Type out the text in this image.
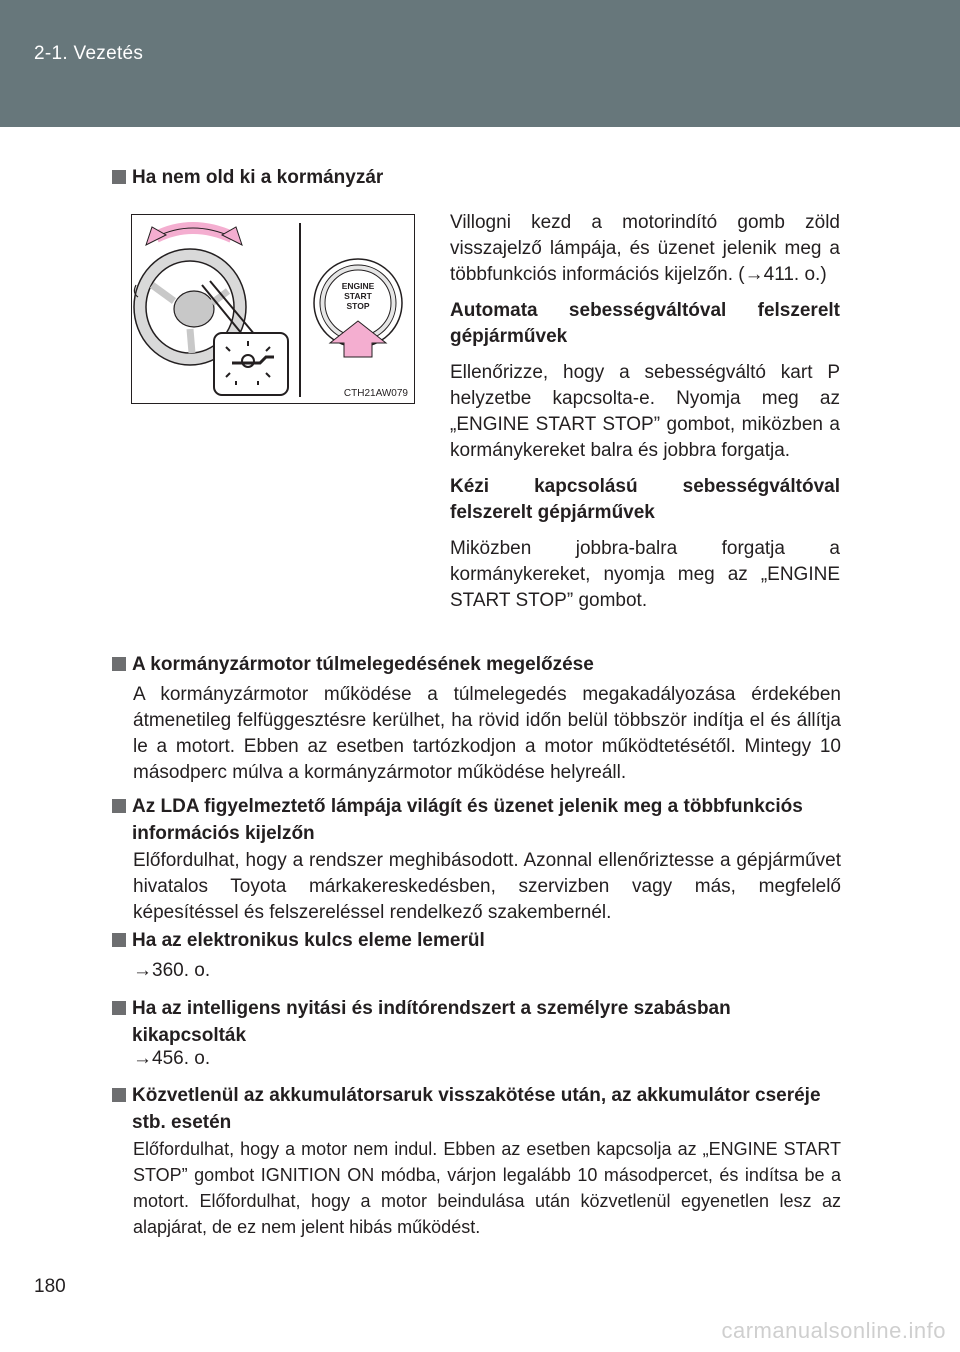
2-1. Vezetés
Ha nem old ki a kormányzár
ENGINE
START
STOP
CTH21AW079

Villogni kezd a motorindító gomb zöld visszajelző lámpája, és üzenet jelenik meg a többfunkciós információs kijelzőn. (→411. o.)

Automata sebességváltóval felszerelt gépjárművek

Ellenőrizze, hogy a sebességváltó kart P helyzetbe kapcsolta-e. Nyomja meg az „ENGINE START STOP” gombot, miközben a kormánykereket balra és jobbra forgatja.

Kézi kapcsolású sebességváltóval felszerelt gépjárművek

Miközben jobbra-balra forgatja a kormánykereket, nyomja meg az „ENGINE START STOP” gombot.

A kormányzármotor túlmelegedésének megelőzése
A kormányzármotor működése a túlmelegedés megakadályozása érdekében átmenetileg felfüggesztésre kerülhet, ha rövid időn belül többször indítja el és állítja le a motort. Ebben az esetben tartózkodjon a motor működtetésétől. Mintegy 10 másodperc múlva a kormányzármotor működése helyreáll.
Az LDA figyelmeztető lámpája világít és üzenet jelenik meg a többfunkciós információs kijelzőn
Előfordulhat, hogy a rendszer meghibásodott. Azonnal ellenőriztesse a gépjárművet hivatalos Toyota márkakereskedésben, szervizben vagy más, megfelelő képesítéssel és felszereléssel rendelkező szakembernél.
Ha az elektronikus kulcs eleme lemerül
→360. o.
Ha az intelligens nyitási és indítórendszert a személyre szabásban kikapcsolták
→456. o.
Közvetlenül az akkumulátorsaruk visszakötése után, az akkumulátor cseréje stb. esetén
Előfordulhat, hogy a motor nem indul. Ebben az esetben kapcsolja az „ENGINE START STOP” gombot IGNITION ON módba, várjon legalább 10 másodpercet, és indítsa be a motort. Előfordulhat, hogy a motor beindulása után közvetlenül egyenetlen lesz az alapjárat, de ez nem jelent hibás működést.
180
carmanualsonline.info
